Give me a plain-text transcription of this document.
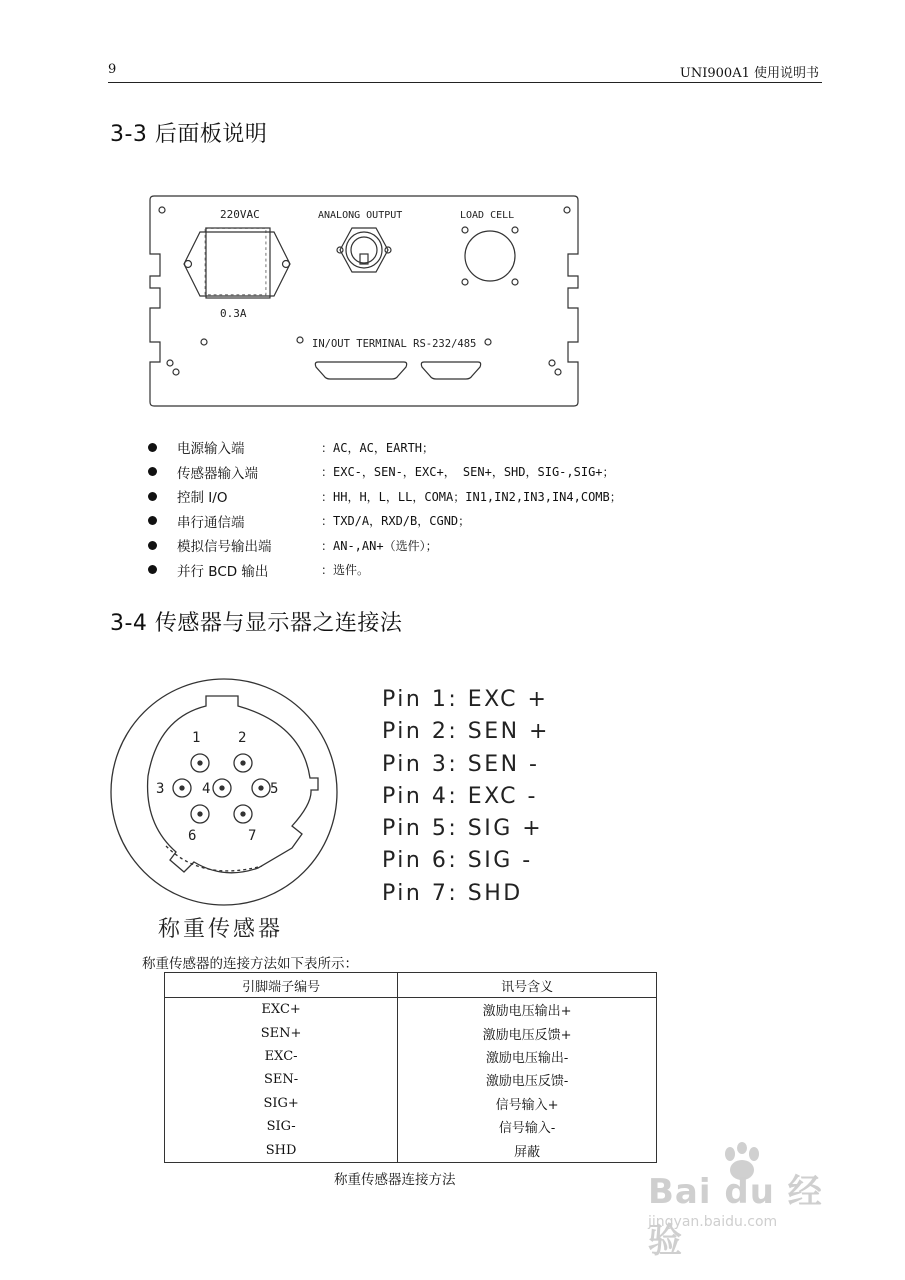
9	UNI900A1 使用说明书
3-3 后面板说明
220VAC
0.3A
ANALONG OUTPUT	LOAD CELL
IN/OUT TERMINAL RS-232/485
电源输入端	：AC，AC，EARTH；
传感器输入端	：EXC-，SEN-，EXC+， SEN+，SHD，SIG-,SIG+；
控制 I/O	：HH，H，L，LL，COMA；IN1,IN2,IN3,IN4,COMB；
串行通信端	：TXD/A，RXD/B，CGND；
模拟信号输出端	：AN-,AN+（选件）；
并行 BCD 输出	：选件。
3-4 传感器与显示器之连接法
1	2
3	4	5
6	7
Pin 1: EXC +
Pin 2: SEN +
Pin 3: SEN -
Pin 4: EXC -
Pin 5: SIG +
Pin 6: SIG -
Pin 7: SHD
称重传感器
称重传感器的连接方法如下表所示：
引脚端子编号	讯号含义
EXC+	激励电压输出+
SEN+	激励电压反馈+
EXC-	激励电压输出-
SEN-	激励电压反馈-
SIG+	信号输入+
SIG-	信号输入-
SHD	屏蔽
称重传感器连接方法	Bai du 经验
jingyan.baidu.com
